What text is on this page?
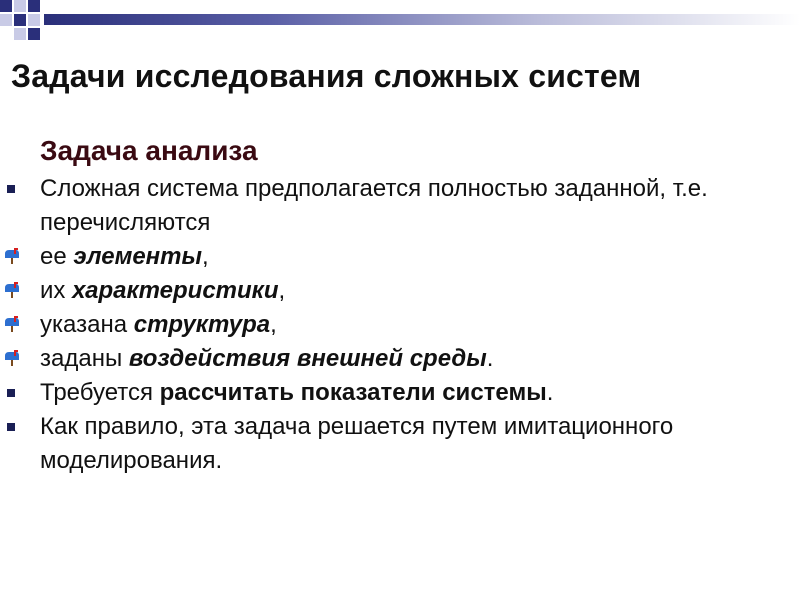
Задачи исследования сложных систем
Задача анализа
Сложная система предполагается полностью заданной, т.е. перечисляются
ее элементы,
их характеристики,
указана структура,
заданы воздействия внешней среды.
Требуется рассчитать показатели системы.
Как правило, эта задача решается путем имитационного моделирования.
